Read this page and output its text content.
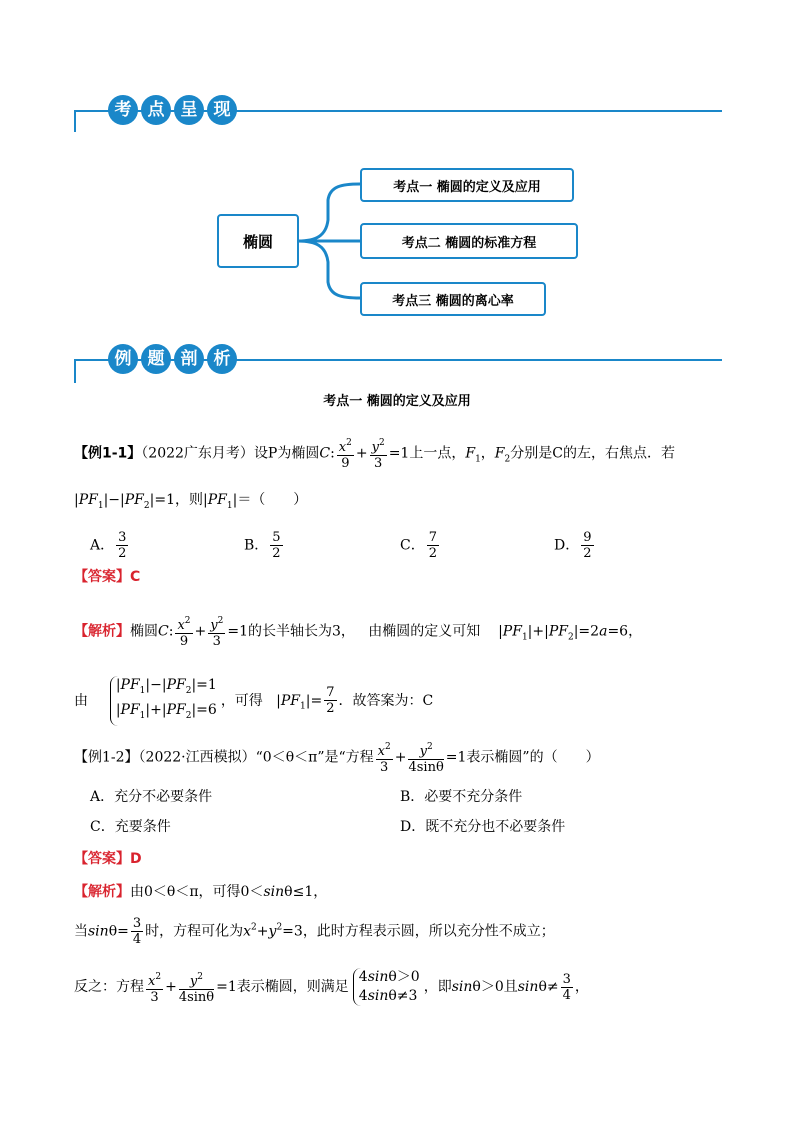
考 点 呈 现
椭圆
考点一 椭圆的定义及应用
考点二 椭圆的标准方程
考点三 椭圆的离心率
例 题 剖 析
考点一 椭圆的定义及应用
【例1-1】（2022广东月考）设P为椭圆C: $\frac{x^2}{9} + \frac{y^2}{3} =1$上一点，$F_1$，$F_2$分别是C的左，右焦点．若
$|PF_1|-|PF_2|=1$，则$|PF_1|=$（　　）
A． $\frac{3}{2}$	B． $\frac{5}{2}$	C． $\frac{7}{2}$	D． $\frac{9}{2}$
【答案】C
【解析】椭圆C: $\frac{x^2}{9} + \frac{y^2}{3} =1$的长半轴长为3， 由椭圆的定义可知    $|PF_1|+|PF_2|=2a=6$，
由
$|PF_1|-|PF_2|=1$
$|PF_1|+|PF_2|=6$
，可得   $|PF_1|= \frac{7}{2}$ ．故答案为：C
【例1-2】（2022·江西模拟）“0＜θ＜π”是“方程 $\frac{x^2}{3} + \frac{y^2}{4\sin\theta} =1$表示椭圆”的（　　）
A．充分不必要条件	B．必要不充分条件
C．充要条件	D．既不充分也不必要条件
【答案】D
【解析】由0＜θ＜π，可得0＜sinθ≤1，
当$\sin\theta= \frac{3}{4}$ 时，方程可化为$x^2+y^2=3$，此时方程表示圆，所以充分性不成立；
反之：方程 $\frac{x^2}{3} + \frac{y^2}{4\sin\theta} =1$表示椭圆，则满足
4sinθ＞0
4sinθ≠3
，即sinθ＞0且$\sin\theta\ne \frac{3}{4}$ ，
